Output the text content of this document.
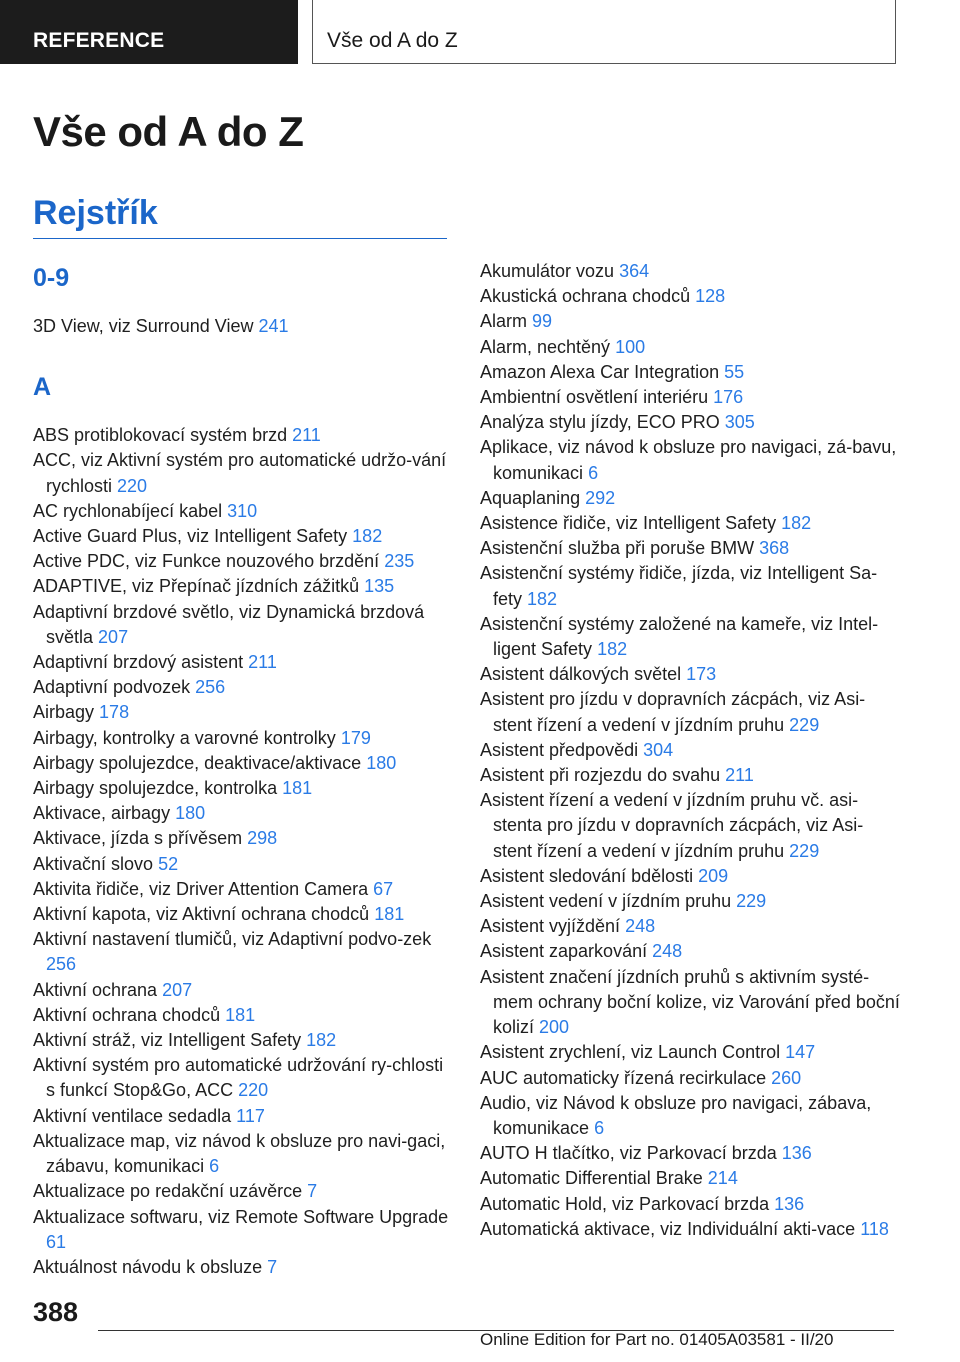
REFERENCE	Vše od A do Z
Vše od A do Z
Rejstřík
0-9
3D View, viz Surround View 241
A
ABS protiblokovací systém brzd 211
ACC, viz Aktivní systém pro automatické udržo-vání rychlosti 220
AC rychlonabíjecí kabel 310
Active Guard Plus, viz Intelligent Safety 182
Active PDC, viz Funkce nouzového brzdění 235
ADAPTIVE, viz Přepínač jízdních zážitků 135
Adaptivní brzdové světlo, viz Dynamická brzdová světla 207
Adaptivní brzdový asistent 211
Adaptivní podvozek 256
Airbagy 178
Airbagy, kontrolky a varovné kontrolky 179
Airbagy spolujezdce, deaktivace/aktivace 180
Airbagy spolujezdce, kontrolka 181
Aktivace, airbagy 180
Aktivace, jízda s přívěsem 298
Aktivační slovo 52
Aktivita řidiče, viz Driver Attention Camera 67
Aktivní kapota, viz Aktivní ochrana chodců 181
Aktivní nastavení tlumičů, viz Adaptivní podvo-zek 256
Aktivní ochrana 207
Aktivní ochrana chodců 181
Aktivní stráž, viz Intelligent Safety 182
Aktivní systém pro automatické udržování ry-chlosti s funkcí Stop&Go, ACC 220
Aktivní ventilace sedadla 117
Aktualizace map, viz návod k obsluze pro navi-gaci, zábavu, komunikaci 6
Aktualizace po redakční uzávěrce 7
Aktualizace softwaru, viz Remote Software Upgrade 61
Aktuálnost návodu k obsluze 7
Akumulátor vozu 364
Akustická ochrana chodců 128
Alarm 99
Alarm, nechtěný 100
Amazon Alexa Car Integration 55
Ambientní osvětlení interiéru 176
Analýza stylu jízdy, ECO PRO 305
Aplikace, viz návod k obsluze pro navigaci, zá-bavu, komunikaci 6
Aquaplaning 292
Asistence řidiče, viz Intelligent Safety 182
Asistenční služba při poruše BMW 368
Asistenční systémy řidiče, jízda, viz Intelligent Sa-fety 182
Asistenční systémy založené na kameře, viz Intel-ligent Safety 182
Asistent dálkových světel 173
Asistent pro jízdu v dopravních zácpách, viz Asi-stent řízení a vedení v jízdním pruhu 229
Asistent předpovědi 304
Asistent při rozjezdu do svahu 211
Asistent řízení a vedení v jízdním pruhu vč. asi-stenta pro jízdu v dopravních zácpách, viz Asi-stent řízení a vedení v jízdním pruhu 229
Asistent sledování bdělosti 209
Asistent vedení v jízdním pruhu 229
Asistent vyjíždění 248
Asistent zaparkování 248
Asistent značení jízdních pruhů s aktivním systé-mem ochrany boční kolize, viz Varování před boční kolizí 200
Asistent zrychlení, viz Launch Control 147
AUC automaticky řízená recirkulace 260
Audio, viz Návod k obsluze pro navigaci, zábava, komunikace 6
AUTO H tlačítko, viz Parkovací brzda 136
Automatic Differential Brake 214
Automatic Hold, viz Parkovací brzda 136
Automatická aktivace, viz Individuální akti-vace 118
388
Online Edition for Part no. 01405A03581 - II/20
